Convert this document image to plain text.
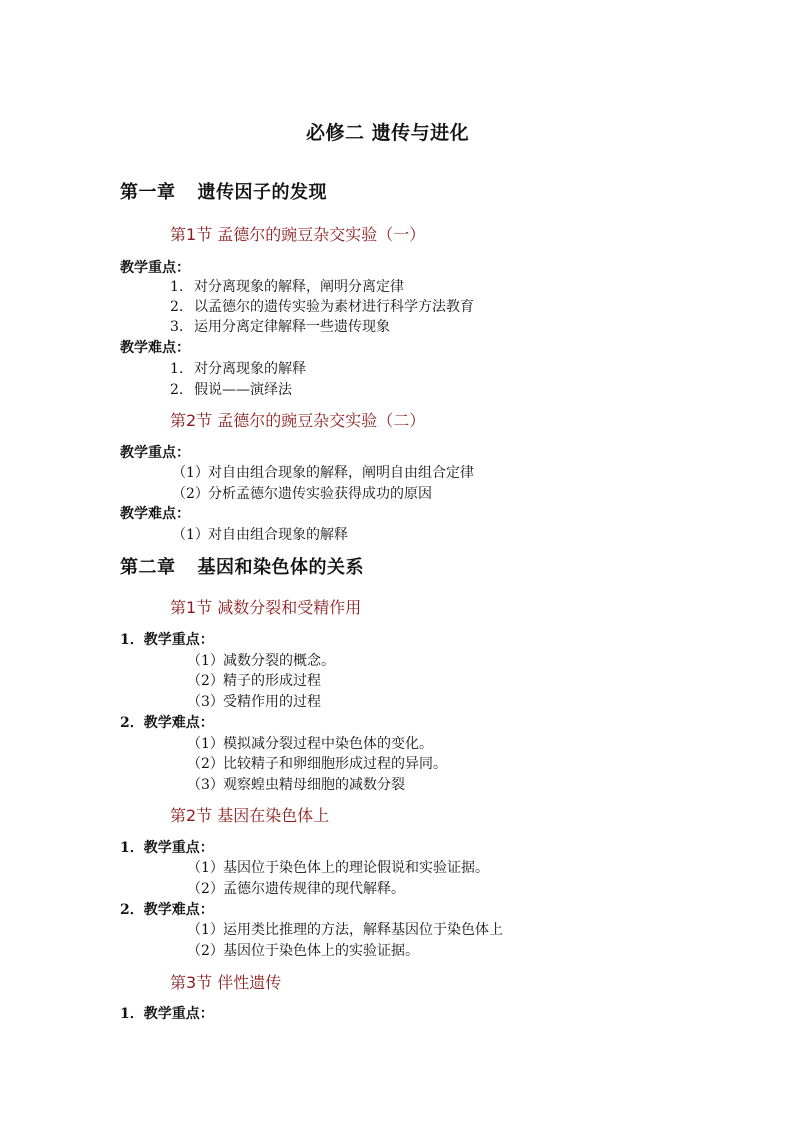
必修二 遗传与进化
第一章 遗传因子的发现
第1节 孟德尔的豌豆杂交实验（一）
教学重点：
1. 对分离现象的解释，阐明分离定律
2. 以孟德尔的遗传实验为素材进行科学方法教育
3. 运用分离定律解释一些遗传现象
教学难点：
1. 对分离现象的解释
2. 假说——演绎法
第2节 孟德尔的豌豆杂交实验（二）
教学重点：
（1）对自由组合现象的解释，阐明自由组合定律
（2）分析孟德尔遗传实验获得成功的原因
教学难点：
（1）对自由组合现象的解释
第二章 基因和染色体的关系
第1节 减数分裂和受精作用
1．教学重点：
（1）减数分裂的概念。
（2）精子的形成过程
（3）受精作用的过程
2．教学难点：
（1）模拟减分裂过程中染色体的变化。
（2）比较精子和卵细胞形成过程的异同。
（3）观察蝗虫精母细胞的减数分裂
第2节 基因在染色体上
1．教学重点：
（1）基因位于染色体上的理论假说和实验证据。
（2）孟德尔遗传规律的现代解释。
2．教学难点：
（1）运用类比推理的方法，解释基因位于染色体上
（2）基因位于染色体上的实验证据。
第3节 伴性遗传
1．教学重点：
